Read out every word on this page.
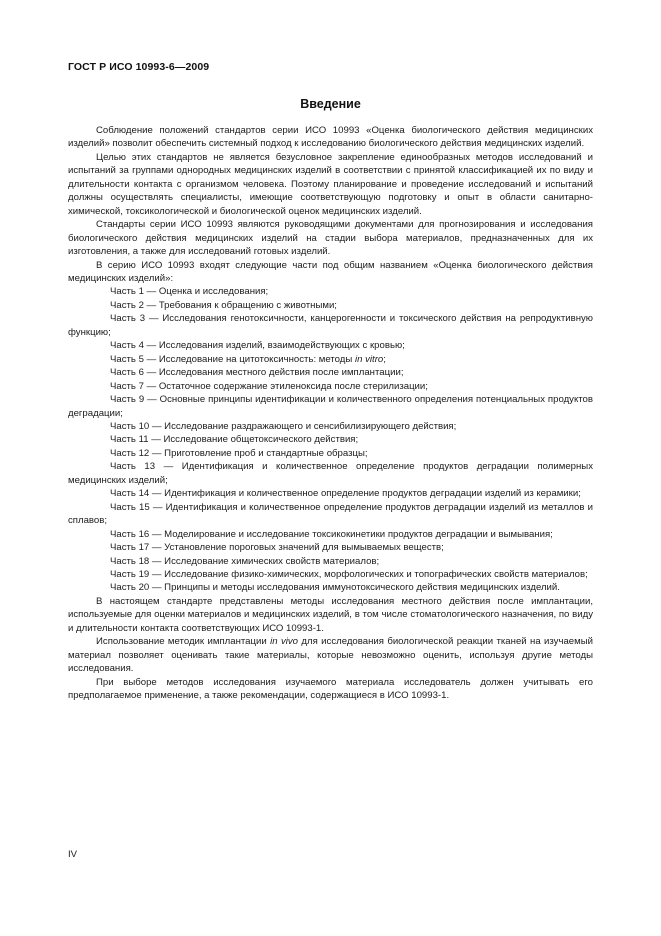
ГОСТ Р ИСО 10993-6—2009
Введение

Соблюдение положений стандартов серии ИСО 10993 «Оценка биологического действия медицинских изделий» позволит обеспечить системный подход к исследованию биологического действия медицинских изделий.

Целью этих стандартов не является безусловное закрепление единообразных методов исследований и испытаний за группами однородных медицинских изделий в соответствии с принятой классификацией их по виду и длительности контакта с организмом человека. Поэтому планирование и проведение исследований и испытаний должны осуществлять специалисты, имеющие соответствующую подготовку и опыт в области санитарно-химической, токсикологической и биологической оценок медицинских изделий.

Стандарты серии ИСО 10993 являются руководящими документами для прогнозирования и исследования биологического действия медицинских изделий на стадии выбора материалов, предназначенных для их изготовления, а также для исследований готовых изделий.

В серию ИСО 10993 входят следующие части под общим названием «Оценка биологического действия медицинских изделий»:

Часть 1 — Оценка и исследования;

Часть 2 — Требования к обращению с животными;

Часть 3 — Исследования генотоксичности, канцерогенности и токсического действия на репродуктивную функцию;

Часть 4 — Исследования изделий, взаимодействующих с кровью;

Часть 5 — Исследование на цитотоксичность: методы in vitro;

Часть 6 — Исследования местного действия после имплантации;

Часть 7 — Остаточное содержание этиленоксида после стерилизации;

Часть 9 — Основные принципы идентификации и количественного определения потенциальных продуктов деградации;

Часть 10 — Исследование раздражающего и сенсибилизирующего действия;

Часть 11 — Исследование общетоксического действия;

Часть 12 — Приготовление проб и стандартные образцы;

Часть 13 — Идентификация и количественное определение продуктов деградации полимерных медицинских изделий;

Часть 14 — Идентификация и количественное определение продуктов деградации изделий из керамики;

Часть 15 — Идентификация и количественное определение продуктов деградации изделий из металлов и сплавов;

Часть 16 — Моделирование и исследование токсикокинетики продуктов деградации и вымывания;

Часть 17 — Установление пороговых значений для вымываемых веществ;

Часть 18 — Исследование химических свойств материалов;

Часть 19 — Исследование физико-химических, морфологических и топографических свойств материалов;

Часть 20 — Принципы и методы исследования иммунотоксического действия медицинских изделий.

В настоящем стандарте представлены методы исследования местного действия после имплантации, используемые для оценки материалов и медицинских изделий, в том числе стоматологического назначения, по виду и длительности контакта соответствующих ИСО 10993-1.

Использование методик имплантации in vivo для исследования биологической реакции тканей на изучаемый материал позволяет оценивать такие материалы, которые невозможно оценить, используя другие методы исследования.

При выборе методов исследования изучаемого материала исследователь должен учитывать его предполагаемое применение, а также рекомендации, содержащиеся в ИСО 10993-1.

IV
